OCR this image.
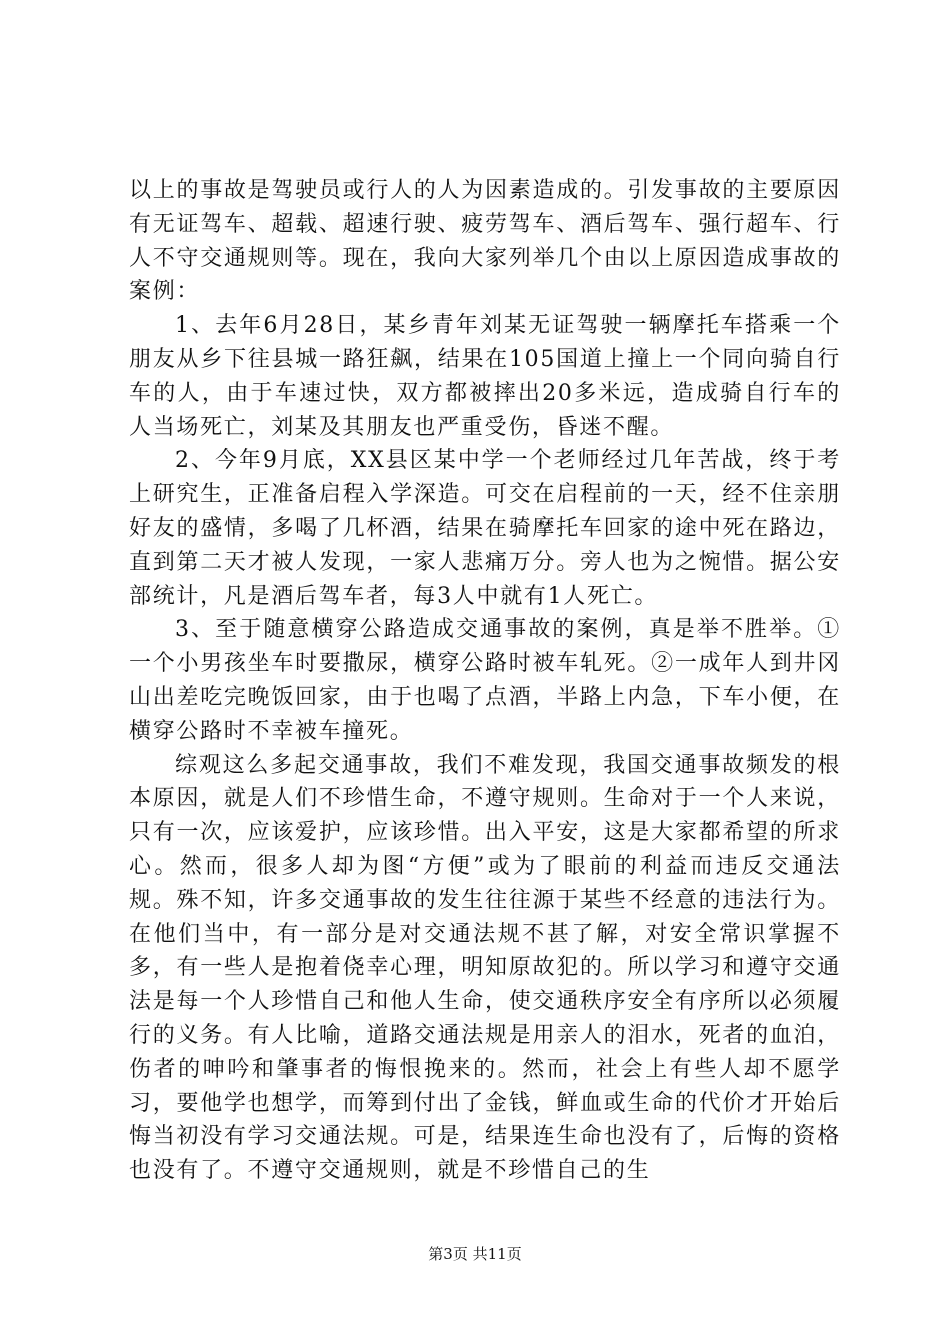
以上的事故是驾驶员或行人的人为因素造成的。引发事故的主要原因有无证驾车、超载、超速行驶、疲劳驾车、酒后驾车、强行超车、行人不守交通规则等。现在，我向大家列举几个由以上原因造成事故的案例：

1、去年6月28日，某乡青年刘某无证驾驶一辆摩托车搭乘一个朋友从乡下往县城一路狂飙，结果在105国道上撞上一个同向骑自行车的人，由于车速过快，双方都被摔出20多米远，造成骑自行车的人当场死亡，刘某及其朋友也严重受伤，昏迷不醒。

2、今年9月底，XX县区某中学一个老师经过几年苦战，终于考上研究生，正准备启程入学深造。可交在启程前的一天，经不住亲朋好友的盛情，多喝了几杯酒，结果在骑摩托车回家的途中死在路边，直到第二天才被人发现，一家人悲痛万分。旁人也为之惋惜。据公安部统计，凡是酒后驾车者，每3人中就有1人死亡。

3、至于随意横穿公路造成交通事故的案例，真是举不胜举。①一个小男孩坐车时要撒尿，横穿公路时被车轧死。②一成年人到井冈山出差吃完晚饭回家，由于也喝了点酒，半路上内急，下车小便，在横穿公路时不幸被车撞死。

综观这么多起交通事故，我们不难发现，我国交通事故频发的根本原因，就是人们不珍惜生命，不遵守规则。生命对于一个人来说，只有一次，应该爱护，应该珍惜。出入平安，这是大家都希望的所求心。然而，很多人却为图“方便”或为了眼前的利益而违反交通法规。殊不知，许多交通事故的发生往往源于某些不经意的违法行为。在他们当中，有一部分是对交通法规不甚了解，对安全常识掌握不多，有一些人是抱着侥幸心理，明知原故犯的。所以学习和遵守交通法是每一个人珍惜自己和他人生命，使交通秩序安全有序所以必须履行的义务。有人比喻，道路交通法规是用亲人的泪水，死者的血泊，伤者的呻吟和肇事者的悔恨挽来的。然而，社会上有些人却不愿学习，要他学也想学，而筹到付出了金钱，鲜血或生命的代价才开始后悔当初没有学习交通法规。可是，结果连生命也没有了，后悔的资格也没有了。不遵守交通规则，就是不珍惜自己的生

第3页 共11页
